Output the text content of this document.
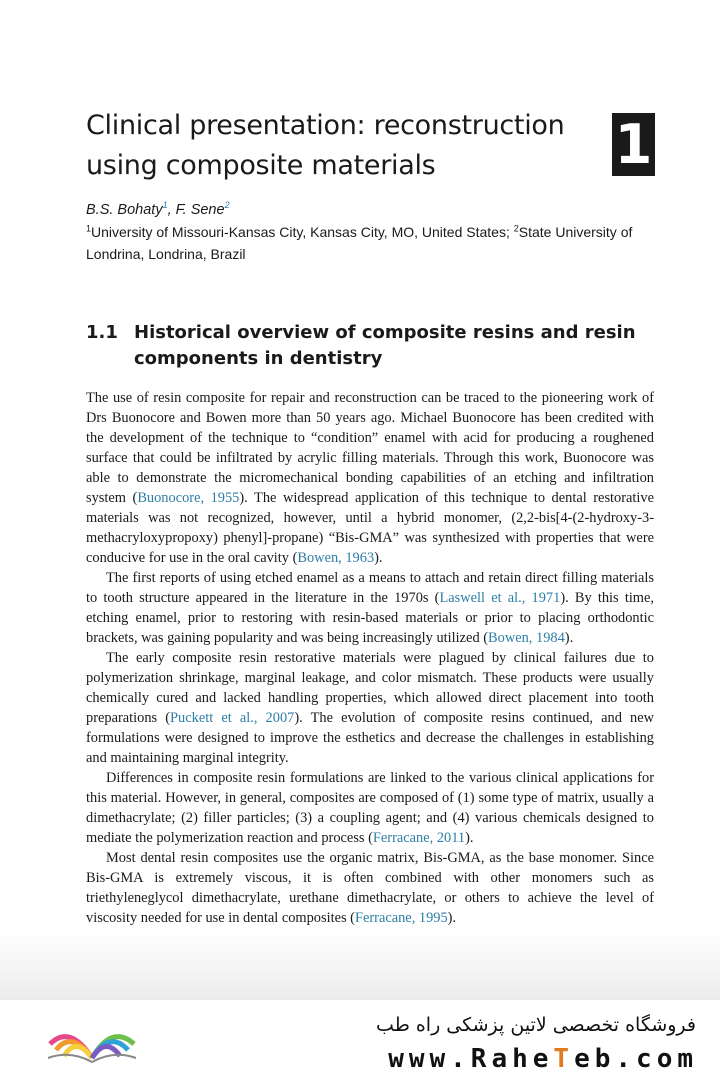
Clinical presentation: reconstruction
using composite materials	1
B.S. Bohaty$^1$, F. Sene$^2$
$^1$University of Missouri-Kansas City, Kansas City, MO, United States; $^2$State University of Londrina, Londrina, Brazil
1.1 Historical overview of composite resins and resin components in dentistry

The use of resin composite for repair and reconstruction can be traced to the pioneering work of Drs Buonocore and Bowen more than 50 years ago. Michael Buonocore has been credited with the development of the technique to “condition” enamel with acid for producing a roughened surface that could be infiltrated by acrylic filling materials. Through this work, Buonocore was able to demonstrate the micromechanical bonding capabilities of an etching and infiltration system (Buonocore, 1955). The widespread application of this technique to dental restorative materials was not recognized, however, until a hybrid monomer, (2,2-bis[4-(2-hydroxy-3-methacryloxypropoxy) phenyl]-propane) “Bis-GMA” was synthesized with properties that were conducive for use in the oral cavity (Bowen, 1963).

The first reports of using etched enamel as a means to attach and retain direct filling materials to tooth structure appeared in the literature in the 1970s (Laswell et al., 1971). By this time, etching enamel, prior to restoring with resin-based materials or prior to placing orthodontic brackets, was gaining popularity and was being increasingly utilized (Bowen, 1984).

The early composite resin restorative materials were plagued by clinical failures due to polymerization shrinkage, marginal leakage, and color mismatch. These products were usually chemically cured and lacked handling properties, which allowed direct placement into tooth preparations (Puckett et al., 2007). The evolution of composite resins continued, and new formulations were designed to improve the esthetics and decrease the challenges in establishing and maintaining marginal integrity.

Differences in composite resin formulations are linked to the various clinical applications for this material. However, in general, composites are composed of (1) some type of matrix, usually a dimethacrylate; (2) filler particles; (3) a coupling agent; and (4) various chemicals designed to mediate the polymerization reaction and process (Ferracane, 2011).

Most dental resin composites use the organic matrix, Bis-GMA, as the base monomer. Since Bis-GMA is extremely viscous, it is often combined with other monomers such as triethyleneglycol dimethacrylate, urethane dimethacrylate, or others to achieve the level of viscosity needed for use in dental composites (Ferracane, 1995).

فروشگاه تخصصی لاتین پزشکی راه طب
www.RaheTeb.com
